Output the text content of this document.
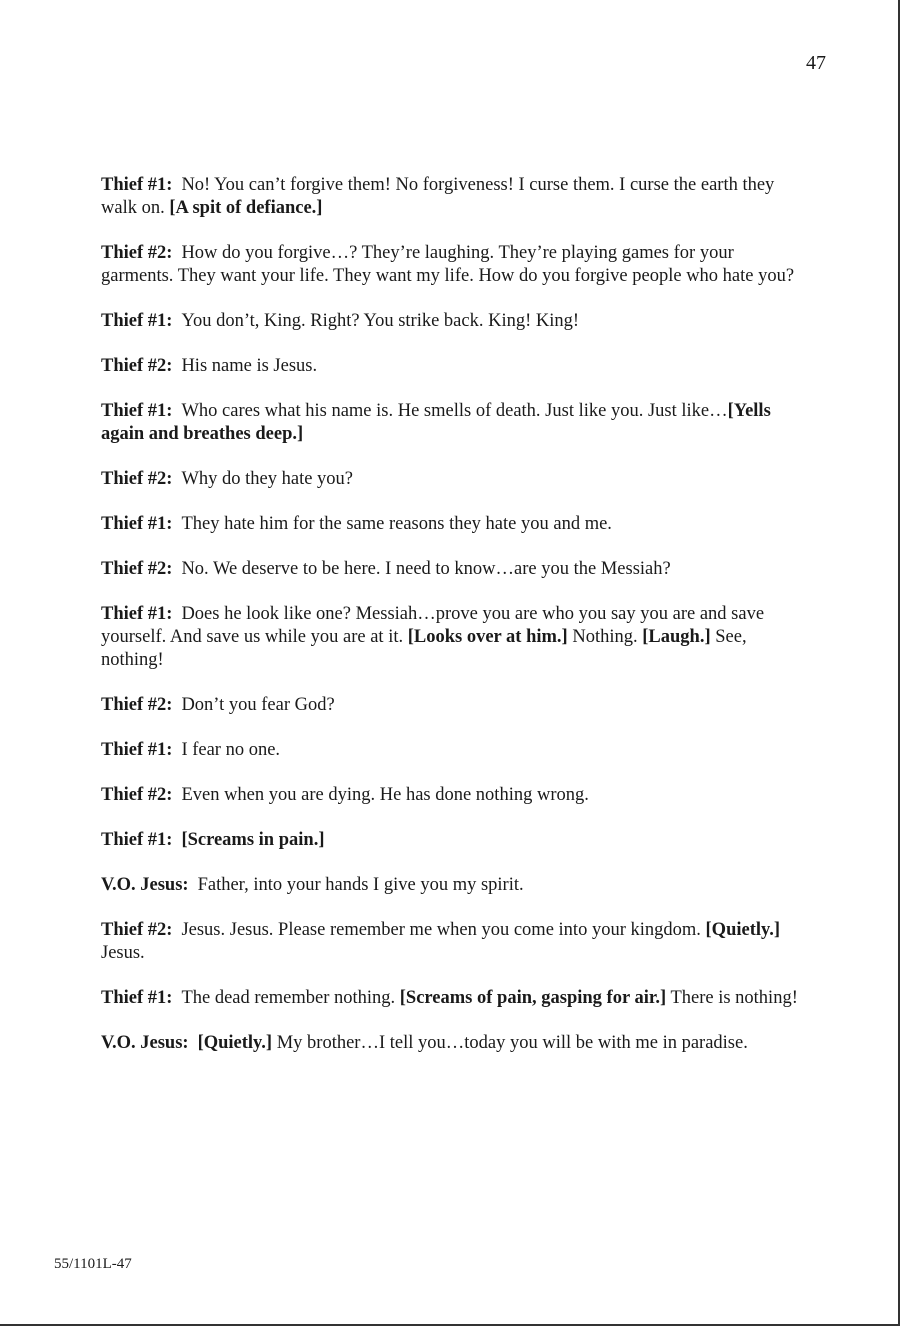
47

Thief #1: No! You can’t forgive them! No forgiveness! I curse them. I curse the earth they walk on. [A spit of defiance.]

Thief #2: How do you forgive…? They’re laughing. They’re playing games for your garments. They want your life. They want my life. How do you forgive people who hate you?

Thief #1: You don’t, King. Right? You strike back. King! King!

Thief #2: His name is Jesus.

Thief #1: Who cares what his name is. He smells of death. Just like you. Just like…[Yells again and breathes deep.]

Thief #2: Why do they hate you?

Thief #1: They hate him for the same reasons they hate you and me.

Thief #2: No. We deserve to be here. I need to know…are you the Messiah?

Thief #1: Does he look like one? Messiah…prove you are who you say you are and save yourself. And save us while you are at it. [Looks over at him.] Nothing. [Laugh.] See, nothing!

Thief #2: Don’t you fear God?

Thief #1: I fear no one.

Thief #2: Even when you are dying. He has done nothing wrong.

Thief #1: [Screams in pain.]

V.O. Jesus: Father, into your hands I give you my spirit.

Thief #2: Jesus. Jesus. Please remember me when you come into your kingdom. [Quietly.] Jesus.

Thief #1: The dead remember nothing. [Screams of pain, gasping for air.] There is nothing!

V.O. Jesus: [Quietly.] My brother…I tell you…today you will be with me in paradise.

55/1101L-47
